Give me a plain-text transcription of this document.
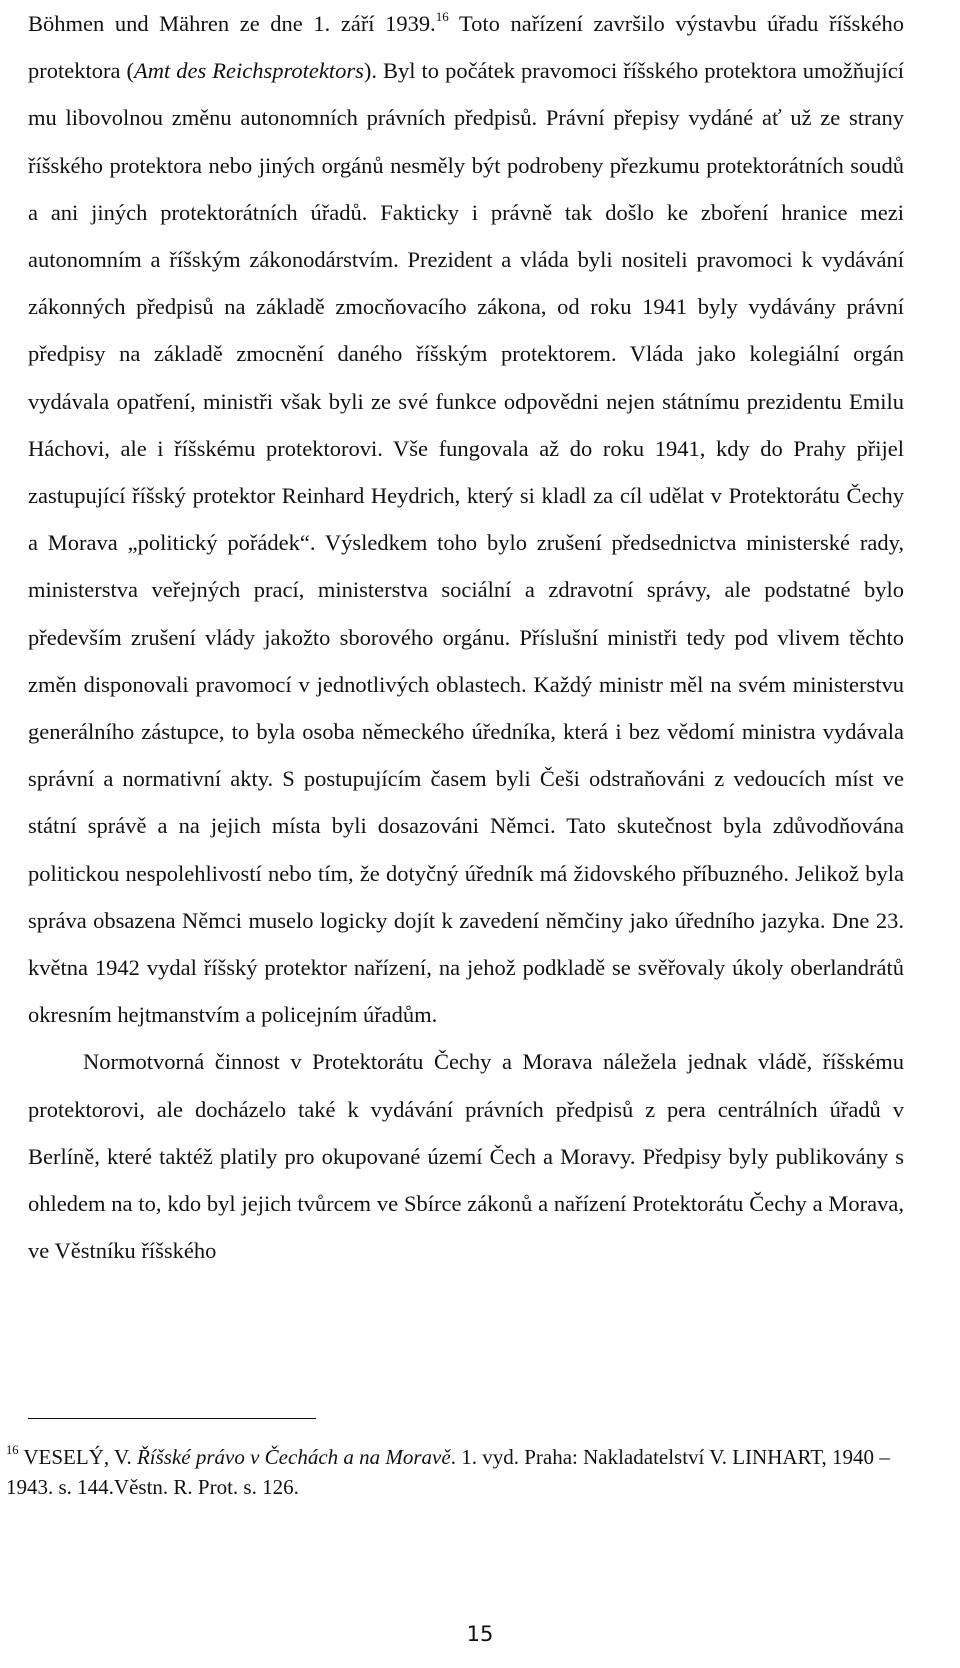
Böhmen und Mähren ze dne 1. září 1939.16 Toto nařízení završilo výstavbu úřadu říšského protektora (Amt des Reichsprotektors). Byl to počátek pravomoci říšského protektora umožňující mu libovolnou změnu autonomních právních předpisů. Právní přepisy vydáné ať už ze strany říšského protektora nebo jiných orgánů nesměly být podrobeny přezkumu protektorátních soudů a ani jiných protektorátních úřadů. Fakticky i právně tak došlo ke zboření hranice mezi autonomním a říšským zákonodárstvím. Prezident a vláda byli nositeli pravomoci k vydávání zákonných předpisů na základě zmocňovacího zákona, od roku 1941 byly vydávány právní předpisy na základě zmocnění daného říšským protektorem. Vláda jako kolegiální orgán vydávala opatření, ministři však byli ze své funkce odpovědni nejen státnímu prezidentu Emilu Háchovi, ale i říšskému protektorovi. Vše fungovala až do roku 1941, kdy do Prahy přijel zastupující říšský protektor Reinhard Heydrich, který si kladl za cíl udělat v Protektorátu Čechy a Morava „politický pořádek“. Výsledkem toho bylo zrušení předsednictva ministerské rady, ministerstva veřejných prací, ministerstva sociální a zdravotní správy, ale podstatné bylo především zrušení vlády jakožto sborového orgánu. Příslušní ministři tedy pod vlivem těchto změn disponovali pravomocí v jednotlivých oblastech. Každý ministr měl na svém ministerstvu generálního zástupce, to byla osoba německého úředníka, která i bez vědomí ministra vydávala správní a normativní akty. S postupujícím časem byli Češi odstraňováni z vedoucích míst ve státní správě a na jejich místa byli dosazováni Němci. Tato skutečnost byla zdůvodňována politickou nespolehlivostí nebo tím, že dotyčný úředník má židovského příbuzného. Jelikož byla správa obsazena Němci muselo logicky dojít k zavedení němčiny jako úředního jazyka. Dne 23. května 1942 vydal říšský protektor nařízení, na jehož podkladě se svěřovaly úkoly oberlandrátů okresním hejtmanstvím a policejním úřadům.

Normotvorná činnost v Protektorátu Čechy a Morava náležela jednak vládě, říšskému protektorovi, ale docházelo také k vydávání právních předpisů z pera centrálních úřadů v Berlíně, které taktéž platily pro okupované území Čech a Moravy. Předpisy byly publikovány s ohledem na to, kdo byl jejich tvůrcem ve Sbírce zákonů a nařízení Protektorátu Čechy a Morava, ve Věstníku říšského

$^{16}$ VESELÝ, V. Říšské právo v Čechách a na Moravě. 1. vyd. Praha: Nakladatelství V. LINHART, 1940 – 1943. s. 144.Věstn. R. Prot. s. 126.
15
